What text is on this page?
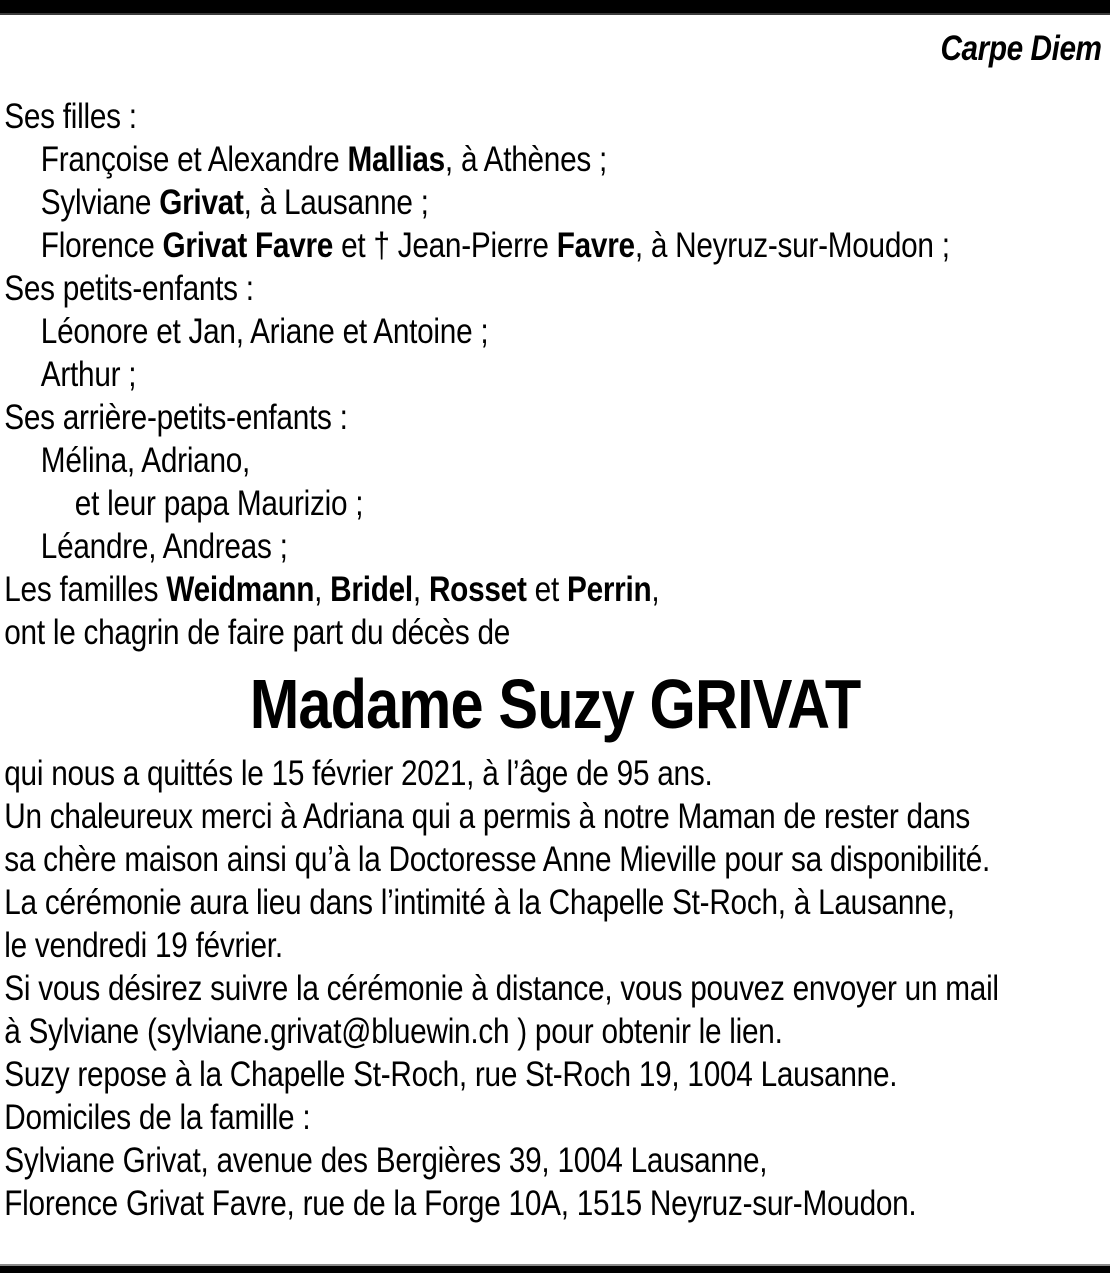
Carpe Diem
Ses filles :
Françoise et Alexandre Mallias, à Athènes ;
Sylviane Grivat, à Lausanne ;
Florence Grivat Favre et † Jean-Pierre Favre, à Neyruz-sur-Moudon ;
Ses petits-enfants :
Léonore et Jan, Ariane et Antoine ;
Arthur ;
Ses arrière-petits-enfants :
Mélina, Adriano,
et leur papa Maurizio ;
Léandre, Andreas ;
Les familles Weidmann, Bridel, Rosset et Perrin,
ont le chagrin de faire part du décès de
Madame Suzy GRIVAT
qui nous a quittés le 15 février 2021, à l’âge de 95 ans.
Un chaleureux merci à Adriana qui a permis à notre Maman de rester dans
sa chère maison ainsi qu’à la Doctoresse Anne Mieville pour sa disponibilité.
La cérémonie aura lieu dans l’intimité à la Chapelle St-Roch, à Lausanne,
le vendredi 19 février.
Si vous désirez suivre la cérémonie à distance, vous pouvez envoyer un mail
à Sylviane (sylviane.grivat@bluewin.ch ) pour obtenir le lien.
Suzy repose à la Chapelle St-Roch, rue St-Roch 19, 1004 Lausanne.
Domiciles de la famille :
Sylviane Grivat, avenue des Bergières 39, 1004 Lausanne,
Florence Grivat Favre, rue de la Forge 10A, 1515 Neyruz-sur-Moudon.
